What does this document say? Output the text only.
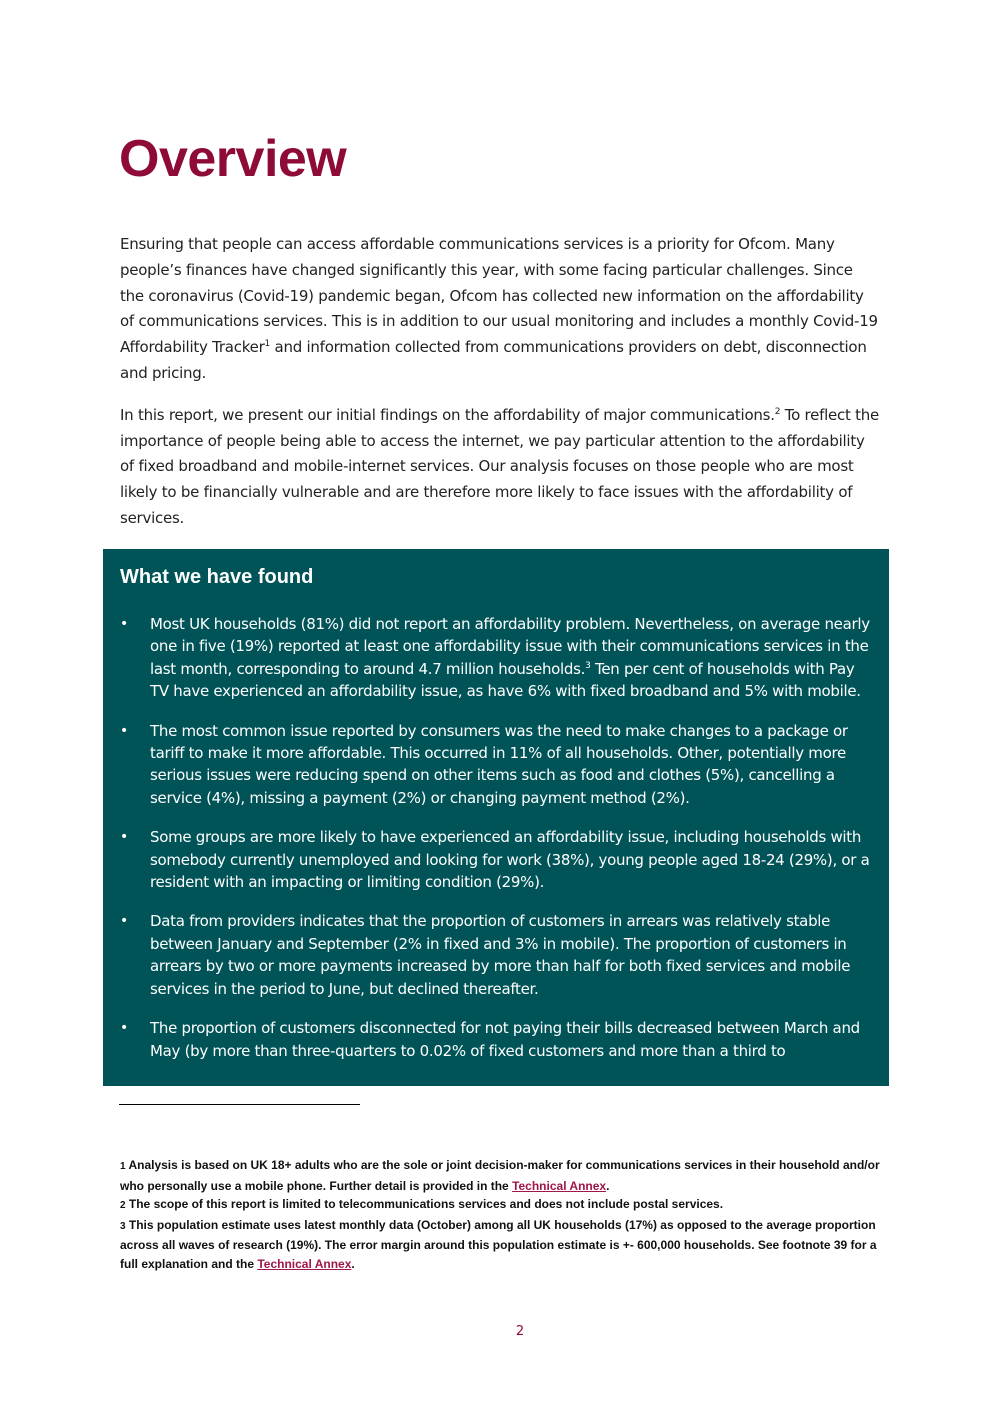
Overview

Ensuring that people can access affordable communications services is a priority for Ofcom. Many people’s finances have changed significantly this year, with some facing particular challenges. Since the coronavirus (Covid-19) pandemic began, Ofcom has collected new information on the affordability of communications services. This is in addition to our usual monitoring and includes a monthly Covid-19 Affordability Tracker$^1$ and information collected from communications providers on debt, disconnection and pricing.

In this report, we present our initial findings on the affordability of major communications.$^2$ To reflect the importance of people being able to access the internet, we pay particular attention to the affordability of fixed broadband and mobile-internet services. Our analysis focuses on those people who are most likely to be financially vulnerable and are therefore more likely to face issues with the affordability of services.

What we have found
• Most UK households (81%) did not report an affordability problem. Nevertheless, on average nearly one in five (19%) reported at least one affordability issue with their communications services in the last month, corresponding to around 4.7 million households.$^3$ Ten per cent of households with Pay TV have experienced an affordability issue, as have 6% with fixed broadband and 5% with mobile.
• The most common issue reported by consumers was the need to make changes to a package or tariff to make it more affordable. This occurred in 11% of all households. Other, potentially more serious issues were reducing spend on other items such as food and clothes (5%), cancelling a service (4%), missing a payment (2%) or changing payment method (2%).
• Some groups are more likely to have experienced an affordability issue, including households with somebody currently unemployed and looking for work (38%), young people aged 18-24 (29%), or a resident with an impacting or limiting condition (29%).
• Data from providers indicates that the proportion of customers in arrears was relatively stable between January and September (2% in fixed and 3% in mobile). The proportion of customers in arrears by two or more payments increased by more than half for both fixed services and mobile services in the period to June, but declined thereafter.
• The proportion of customers disconnected for not paying their bills decreased between March and May (by more than three-quarters to 0.02% of fixed customers and more than a third to

1 Analysis is based on UK 18+ adults who are the sole or joint decision-maker for communications services in their household and/or who personally use a mobile phone. Further detail is provided in the Technical Annex.

2 The scope of this report is limited to telecommunications services and does not include postal services.

3 This population estimate uses latest monthly data (October) among all UK households (17%) as opposed to the average proportion across all waves of research (19%). The error margin around this population estimate is +- 600,000 households. See footnote 39 for a full explanation and the Technical Annex.

2
